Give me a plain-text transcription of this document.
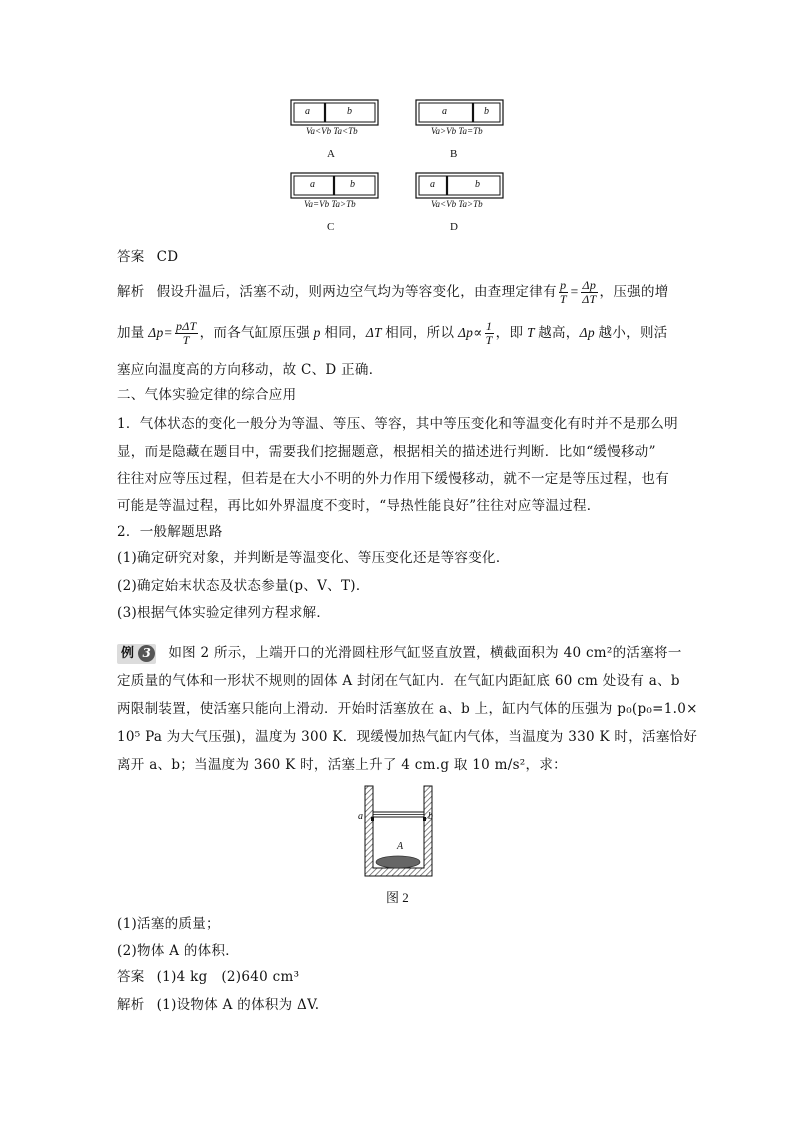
a	b
Va<Vb Ta<Tb
A
a	b
Va>Vb Ta=Tb
B
a	b
Va=Vb Ta>Tb
C
a	b
Va<Vb Ta>Tb
D
答案 CD
解析 假设升温后，活塞不动，则两边空气均为等容变化，由查理定律有 $\frac{p}{T} = \frac{\Delta p}{\Delta T}$ ，压强的增
加量 $\Delta p= \frac{\text{pΔT}}{T}$ ，而各气缸原压强 p 相同，ΔT 相同，所以 $\Delta p\propto \frac{1}{T}$ ，即 T 越高，Δp 越小，则活
塞应向温度高的方向移动，故 C、D 正确．
二、气体实验定律的综合应用
1．气体状态的变化一般分为等温、等压、等容，其中等压变化和等温变化有时并不是那么明
显，而是隐藏在题目中，需要我们挖掘题意，根据相关的描述进行判断．比如“缓慢移动”
往往对应等压过程，但若是在大小不明的外力作用下缓慢移动，就不一定是等压过程，也有
可能是等温过程，再比如外界温度不变时，“导热性能良好”往往对应等温过程．
2．一般解题思路
(1)确定研究对象，并判断是等温变化、等压变化还是等容变化．
(2)确定始末状态及状态参量(p、V、T)．
(3)根据气体实验定律列方程求解．
例 3	如图 2 所示，上端开口的光滑圆柱形气缸竖直放置，横截面积为 40 cm²的活塞将一
定质量的气体和一形状不规则的固体 A 封闭在气缸内．在气缸内距缸底 60 cm 处设有 a、b
两限制装置，使活塞只能向上滑动．开始时活塞放在 a、b 上，缸内气体的压强为 p₀(p₀=1.0×
10⁵ Pa 为大气压强)，温度为 300 K．现缓慢加热气缸内气体，当温度为 330 K 时，活塞恰好
离开 a、b；当温度为 360 K 时，活塞上升了 4 cm.g 取 10 m/s²，求：
a	b
A
图 2
(1)活塞的质量；
(2)物体 A 的体积．
答案 (1)4 kg　(2)640 cm³
解析 (1)设物体 A 的体积为 ΔV.
